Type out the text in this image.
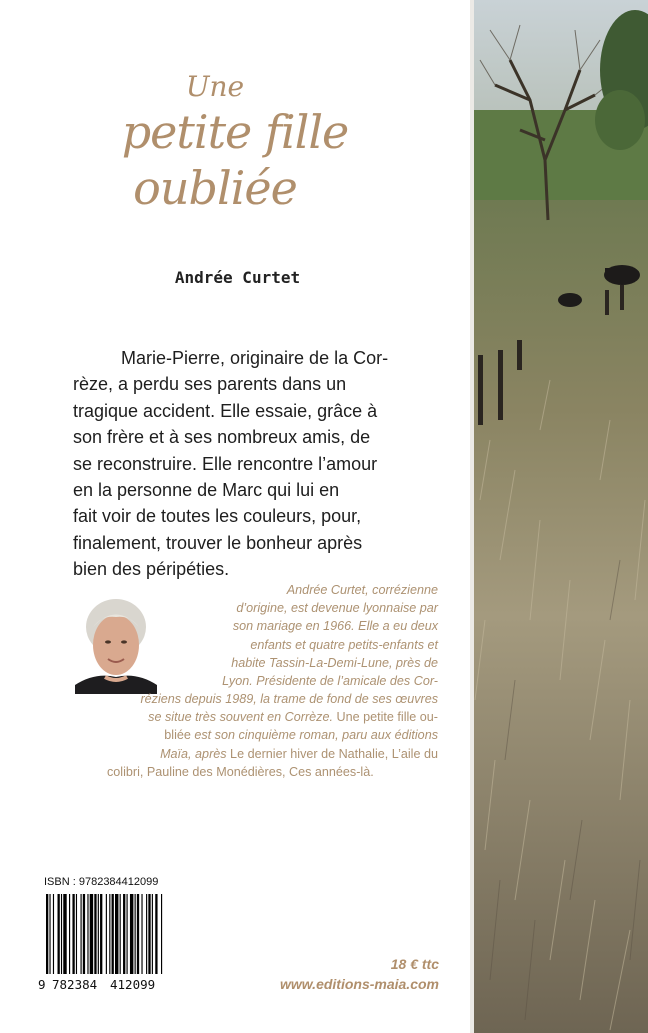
Une
petite fille
oubliée
Andrée Curtet
Marie-Pierre, originaire de la Cor-
rèze, a perdu ses parents dans un
tragique accident. Elle essaie, grâce à
son frère et à ses nombreux amis, de
se reconstruire. Elle rencontre l’amour
en la personne de Marc qui lui en
fait voir de toutes les couleurs, pour,
finalement, trouver le bonheur après
bien des péripéties.
Andrée Curtet, corrézienne
d’origine, est devenue lyonnaise par
son mariage en 1966. Elle a eu deux
enfants et quatre petits-enfants et
habite Tassin-La-Demi-Lune, près de
Lyon. Présidente de l’amicale des Cor-
réziens depuis 1989, la trame de fond de ses œuvres
se situe très souvent en Corrèze. Une petite fille ou-
bliée est son cinquième roman, paru aux éditions
Maïa, après Le dernier hiver de Nathalie, L’aile du
colibri, Pauline des Monédières, Ces années-là.
ISBN : 9782384412099
9 782384 412099
18 € ttc
www.editions-maia.com
